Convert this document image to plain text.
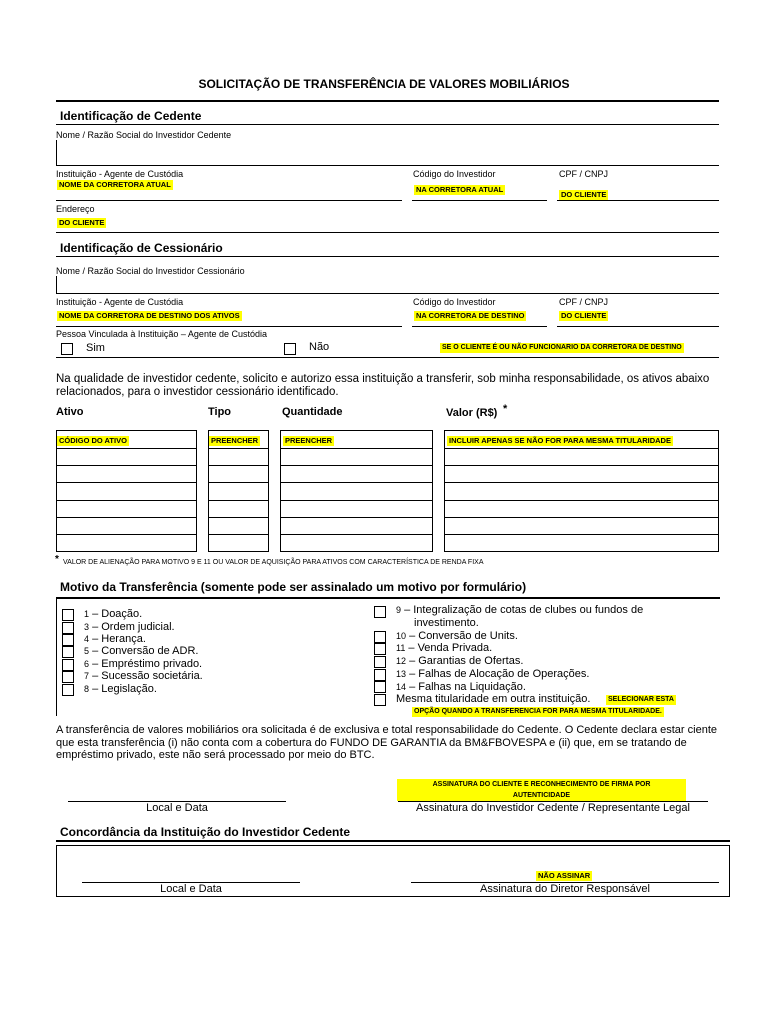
SOLICITAÇÃO DE TRANSFERÊNCIA DE VALORES MOBILIÁRIOS
Identificação de Cedente
Nome / Razão Social do Investidor Cedente
Instituição - Agente de Custódia
NOME DA CORRETORA ATUAL
Código do Investidor
NA CORRETORA ATUAL
CPF / CNPJ
DO CLIENTE
Endereço
DO CLIENTE
Identificação de Cessionário
Nome / Razão Social do Investidor Cessionário
Instituição - Agente de Custódia
NOME DA CORRETORA DE DESTINO DOS ATIVOS
Código do Investidor
NA CORRETORA DE DESTINO
CPF / CNPJ
DO CLIENTE
Pessoa Vinculada à Instituição – Agente de Custódia
Sim	Não	SE O CLIENTE É OU NÃO FUNCIONARIO DA CORRETORA DE DESTINO
Na qualidade de investidor cedente, solicito e autorizo essa instituição a transferir, sob minha responsabilidade, os ativos abaixo relacionados, para o investidor cessionário identificado.
Ativo	Tipo	Quantidade	Valor (R$) *
CÓDIGO DO ATIVO	PREENCHER	PREENCHER	INCLUIR APENAS SE NÃO FOR PARA MESMA TITULARIDADE
* VALOR DE ALIENAÇÃO PARA MOTIVO 9 E 11 OU VALOR DE AQUISIÇÃO PARA ATIVOS COM CARACTERÍSTICA DE RENDA FIXA
Motivo da Transferência (somente pode ser assinalado um motivo por formulário)
1 – Doação.
3 – Ordem judicial.
4 – Herança.
5 – Conversão de ADR.
6 – Empréstimo privado.
7 – Sucessão societária.
8 – Legislação.
9 – Integralização de cotas de clubes ou fundos de
investimento.
10 – Conversão de Units.
11 – Venda Privada.
12 – Garantias de Ofertas.
13 – Falhas de Alocação de Operações.
14 – Falhas na Liquidação.
Mesma titularidade em outra instituição.	SELECIONAR ESTA
OPÇÃO QUANDO A TRANSFERENCIA FOR PARA MESMA TITULARIDADE.
A transferência de valores mobiliários ora solicitada é de exclusiva e total responsabilidade do Cedente. O Cedente declara estar ciente que esta transferência (i) não conta com a cobertura do FUNDO DE GARANTIA da BM&FBOVESPA e (ii) que, em se tratando de empréstimo privado, este não será processado por meio do BTC.
ASSINATURA DO CLIENTE E RECONHECIMENTO DE FIRMA POR
AUTENTICIDADE
Local e Data	Assinatura do Investidor Cedente / Representante Legal
Concordância da Instituição do Investidor Cedente
NÃO ASSINAR
Local e Data	Assinatura do Diretor Responsável
